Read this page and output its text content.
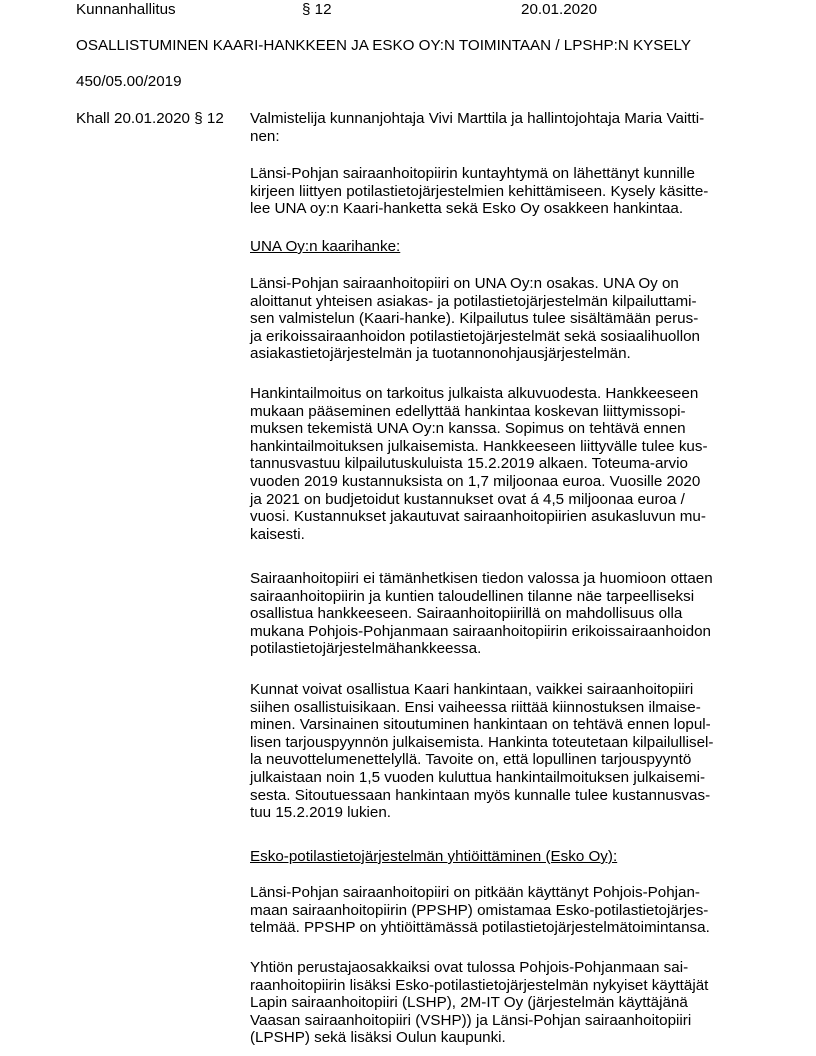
Kunnanhallitus	§ 12	20.01.2020
OSALLISTUMINEN KAARI-HANKKEEN JA ESKO OY:N TOIMINTAAN / LPSHP:N KYSELY
450/05.00/2019
Khall 20.01.2020 § 12 Valmistelija kunnanjohtaja Vivi Marttila ja hallintojohtaja Maria Vaitti-
nen:
Länsi-Pohjan sairaanhoitopiirin kuntayhtymä on lähettänyt kunnille
kirjeen liittyen potilastietojärjestelmien kehittämiseen. Kysely käsitte-
lee UNA oy:n Kaari-hanketta sekä Esko Oy osakkeen hankintaa.
UNA Oy:n kaarihanke:
Länsi-Pohjan sairaanhoitopiiri on UNA Oy:n osakas. UNA Oy on
aloittanut yhteisen asiakas- ja potilastietojärjestelmän kilpailuttami-
sen valmistelun (Kaari-hanke). Kilpailutus tulee sisältämään perus-
ja erikoissairaanhoidon potilastietojärjestelmät sekä sosiaalihuollon
asiakastietojärjestelmän ja tuotannonohjausjärjestelmän.
Hankintailmoitus on tarkoitus julkaista alkuvuodesta. Hankkeeseen
mukaan pääseminen edellyttää hankintaa koskevan liittymissopi-
muksen tekemistä UNA Oy:n kanssa. Sopimus on tehtävä ennen
hankintailmoituksen julkaisemista. Hankkeeseen liittyvälle tulee kus-
tannusvastuu kilpailutuskuluista 15.2.2019 alkaen. Toteuma-arvio
vuoden 2019 kustannuksista on 1,7 miljoonaa euroa. Vuosille 2020
ja 2021 on budjetoidut kustannukset ovat á 4,5 miljoonaa euroa /
vuosi. Kustannukset jakautuvat sairaanhoitopiirien asukasluvun mu-
kaisesti.
Sairaanhoitopiiri ei tämänhetkisen tiedon valossa ja huomioon ottaen
sairaanhoitopiirin ja kuntien taloudellinen tilanne näe tarpeelliseksi
osallistua hankkeeseen. Sairaanhoitopiirillä on mahdollisuus olla
mukana Pohjois-Pohjanmaan sairaanhoitopiirin erikoissairaanhoidon
potilastietojärjestelmähankkeessa.
Kunnat voivat osallistua Kaari hankintaan, vaikkei sairaanhoitopiiri
siihen osallistuisikaan. Ensi vaiheessa riittää kiinnostuksen ilmaise-
minen. Varsinainen sitoutuminen hankintaan on tehtävä ennen lopul-
lisen tarjouspyynnön julkaisemista. Hankinta toteutetaan kilpailullisel-
la neuvottelumenettelyllä. Tavoite on, että lopullinen tarjouspyyntö
julkaistaan noin 1,5 vuoden kuluttua hankintailmoituksen julkaisemi-
sesta. Sitoutuessaan hankintaan myös kunnalle tulee kustannusvas-
tuu 15.2.2019 lukien.
Esko-potilastietojärjestelmän yhtiöittäminen (Esko Oy):
Länsi-Pohjan sairaanhoitopiiri on pitkään käyttänyt Pohjois-Pohjan-
maan sairaanhoitopiirin (PPSHP) omistamaa Esko-potilastietojärjes-
telmää. PPSHP on yhtiöittämässä potilastietojärjestelmätoimintansa.
Yhtiön perustajaosakkaiksi ovat tulossa Pohjois-Pohjanmaan sai-
raanhoitopiirin lisäksi Esko-potilastietojärjestelmän nykyiset käyttäjät
Lapin sairaanhoitopiiri (LSHP), 2M-IT Oy (järjestelmän käyttäjänä
Vaasan sairaanhoitopiiri (VSHP)) ja Länsi-Pohjan sairaanhoitopiiri
(LPSHP) sekä lisäksi Oulun kaupunki.
